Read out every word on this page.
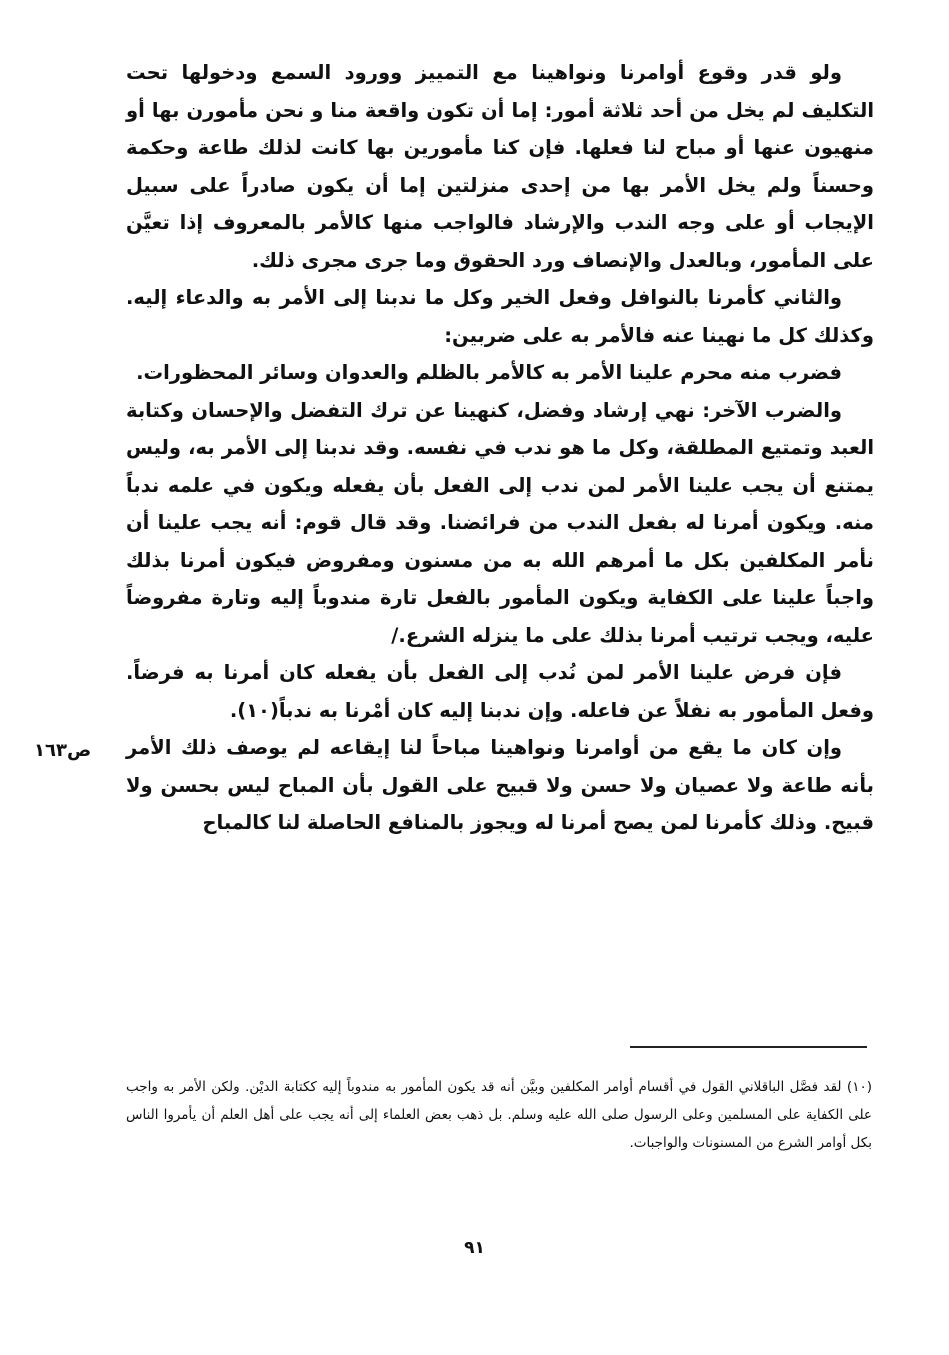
ولو قدر وقوع أوامرنا ونواهينا مع التمييز وورود السمع ودخولها تحت التكليف لم يخل من أحد ثلاثة أمور: إما أن تكون واقعة منا و نحن مأمورن بها أو منهيون عنها أو مباح لنا فعلها. فإن كنا مأمورين بها كانت لذلك طاعة وحكمة وحسناً ولم يخل الأمر بها من إحدى منزلتين إما أن يكون صادراً على سبيل الإيجاب أو على وجه الندب والإرشاد فالواجب منها كالأمر بالمعروف إذا تعيَّن على المأمور، وبالعدل والإنصاف ورد الحقوق وما جرى مجرى ذلك.

والثاني كأمرنا بالنوافل وفعل الخير وكل ما ندبنا إلى الأمر به والدعاء إليه. وكذلك كل ما نهينا عنه فالأمر به على ضربين:

فضرب منه محرم علينا الأمر به كالأمر بالظلم والعدوان وسائر المحظورات.

والضرب الآخر: نهي إرشاد وفضل، كنهينا عن ترك التفضل والإحسان وكتابة العبد وتمتيع المطلقة، وكل ما هو ندب في نفسه. وقد ندبنا إلى الأمر به، وليس يمتنع أن يجب علينا الأمر لمن ندب إلى الفعل بأن يفعله ويكون في علمه ندباً منه. ويكون أمرنا له بفعل الندب من فرائضنا. وقد قال قوم: أنه يجب علينا أن نأمر المكلفين بكل ما أمرهم الله به من مسنون ومفروض فيكون أمرنا بذلك واجباً علينا على الكفاية ويكون المأمور بالفعل تارة مندوباً إليه وتارة مفروضاً عليه، ويجب ترتيب أمرنا بذلك على ما ينزله الشرع./

فإن فرض علينا الأمر لمن نُدب إلى الفعل بأن يفعله كان أمرنا به فرضاً. وفعل المأمور به نفلاً عن فاعله. وإن ندبنا إليه كان أمْرنا به ندباً(١٠).

وإن كان ما يقع من أوامرنا ونواهينا مباحاً لنا إيقاعه لم يوصف ذلك الأمر بأنه طاعة ولا عصيان ولا حسن ولا قبيح على القول بأن المباح ليس بحسن ولا قبيح. وذلك كأمرنا لمن يصح أمرنا له ويجوز بالمنافع الحاصلة لنا كالمباح

ص١٦٣
(١٠) لقد فصَّل الباقلاني القول في أقسام أوامر المكلفين وبيَّن أنه قد يكون المأمور به مندوباً إليه ككتابة الديْن. ولكن الأمر به واجب على الكفاية على المسلمين وعلى الرسول صلى الله عليه وسلم. بل ذهب بعض العلماء إلى أنه يجب على أهل العلم أن يأمروا الناس بكل أوامر الشرع من المسنونات والواجبات.
٩١
